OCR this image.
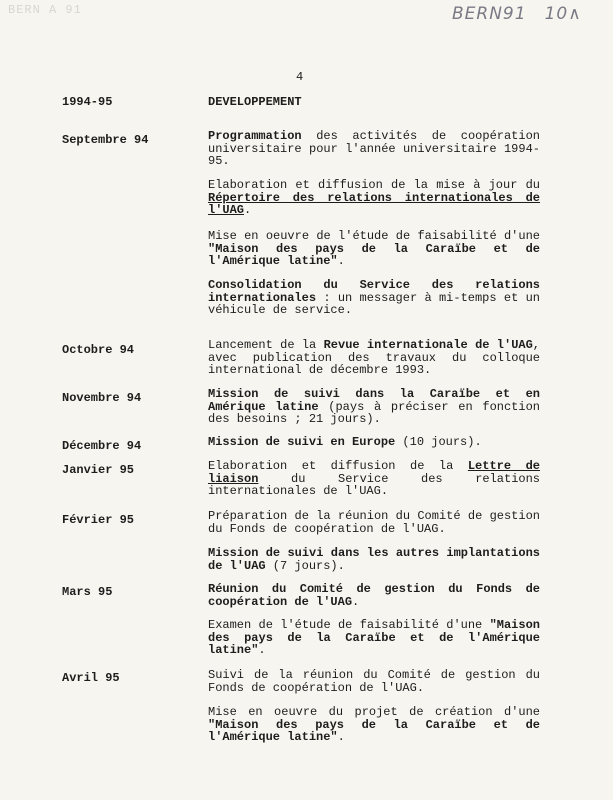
BERN A 91	BERN91 10∧
4
1994-95	DEVELOPPEMENT
Septembre 94	Programmation des activités de coopération universitaire pour l'année universitaire 1994-95.
Elaboration et diffusion de la mise à jour du Répertoire des relations internationales de l'UAG.
Mise en oeuvre de l'étude de faisabilité d'une "Maison des pays de la Caraïbe et de l'Amérique latine".
Consolidation du Service des relations internationales : un messager à mi-temps et un véhicule de service.
Octobre 94	Lancement de la Revue internationale de l'UAG, avec publication des travaux du colloque international de décembre 1993.
Novembre 94	Mission de suivi dans la Caraïbe et en Amérique latine (pays à préciser en fonction des besoins ; 21 jours).
Décembre 94	Mission de suivi en Europe (10 jours).
Janvier 95	Elaboration et diffusion de la Lettre de liaison du Service des relations internationales de l'UAG.
Février 95	Préparation de la réunion du Comité de gestion du Fonds de coopération de l'UAG.
Mission de suivi dans les autres implantations de l'UAG (7 jours).
Mars 95	Réunion du Comité de gestion du Fonds de coopération de l'UAG.
Examen de l'étude de faisabilité d'une "Maison des pays de la Caraïbe et de l'Amérique latine".
Avril 95	Suivi de la réunion du Comité de gestion du Fonds de coopération de l'UAG.
Mise en oeuvre du projet de création d'une "Maison des pays de la Caraïbe et de l'Amérique latine".
